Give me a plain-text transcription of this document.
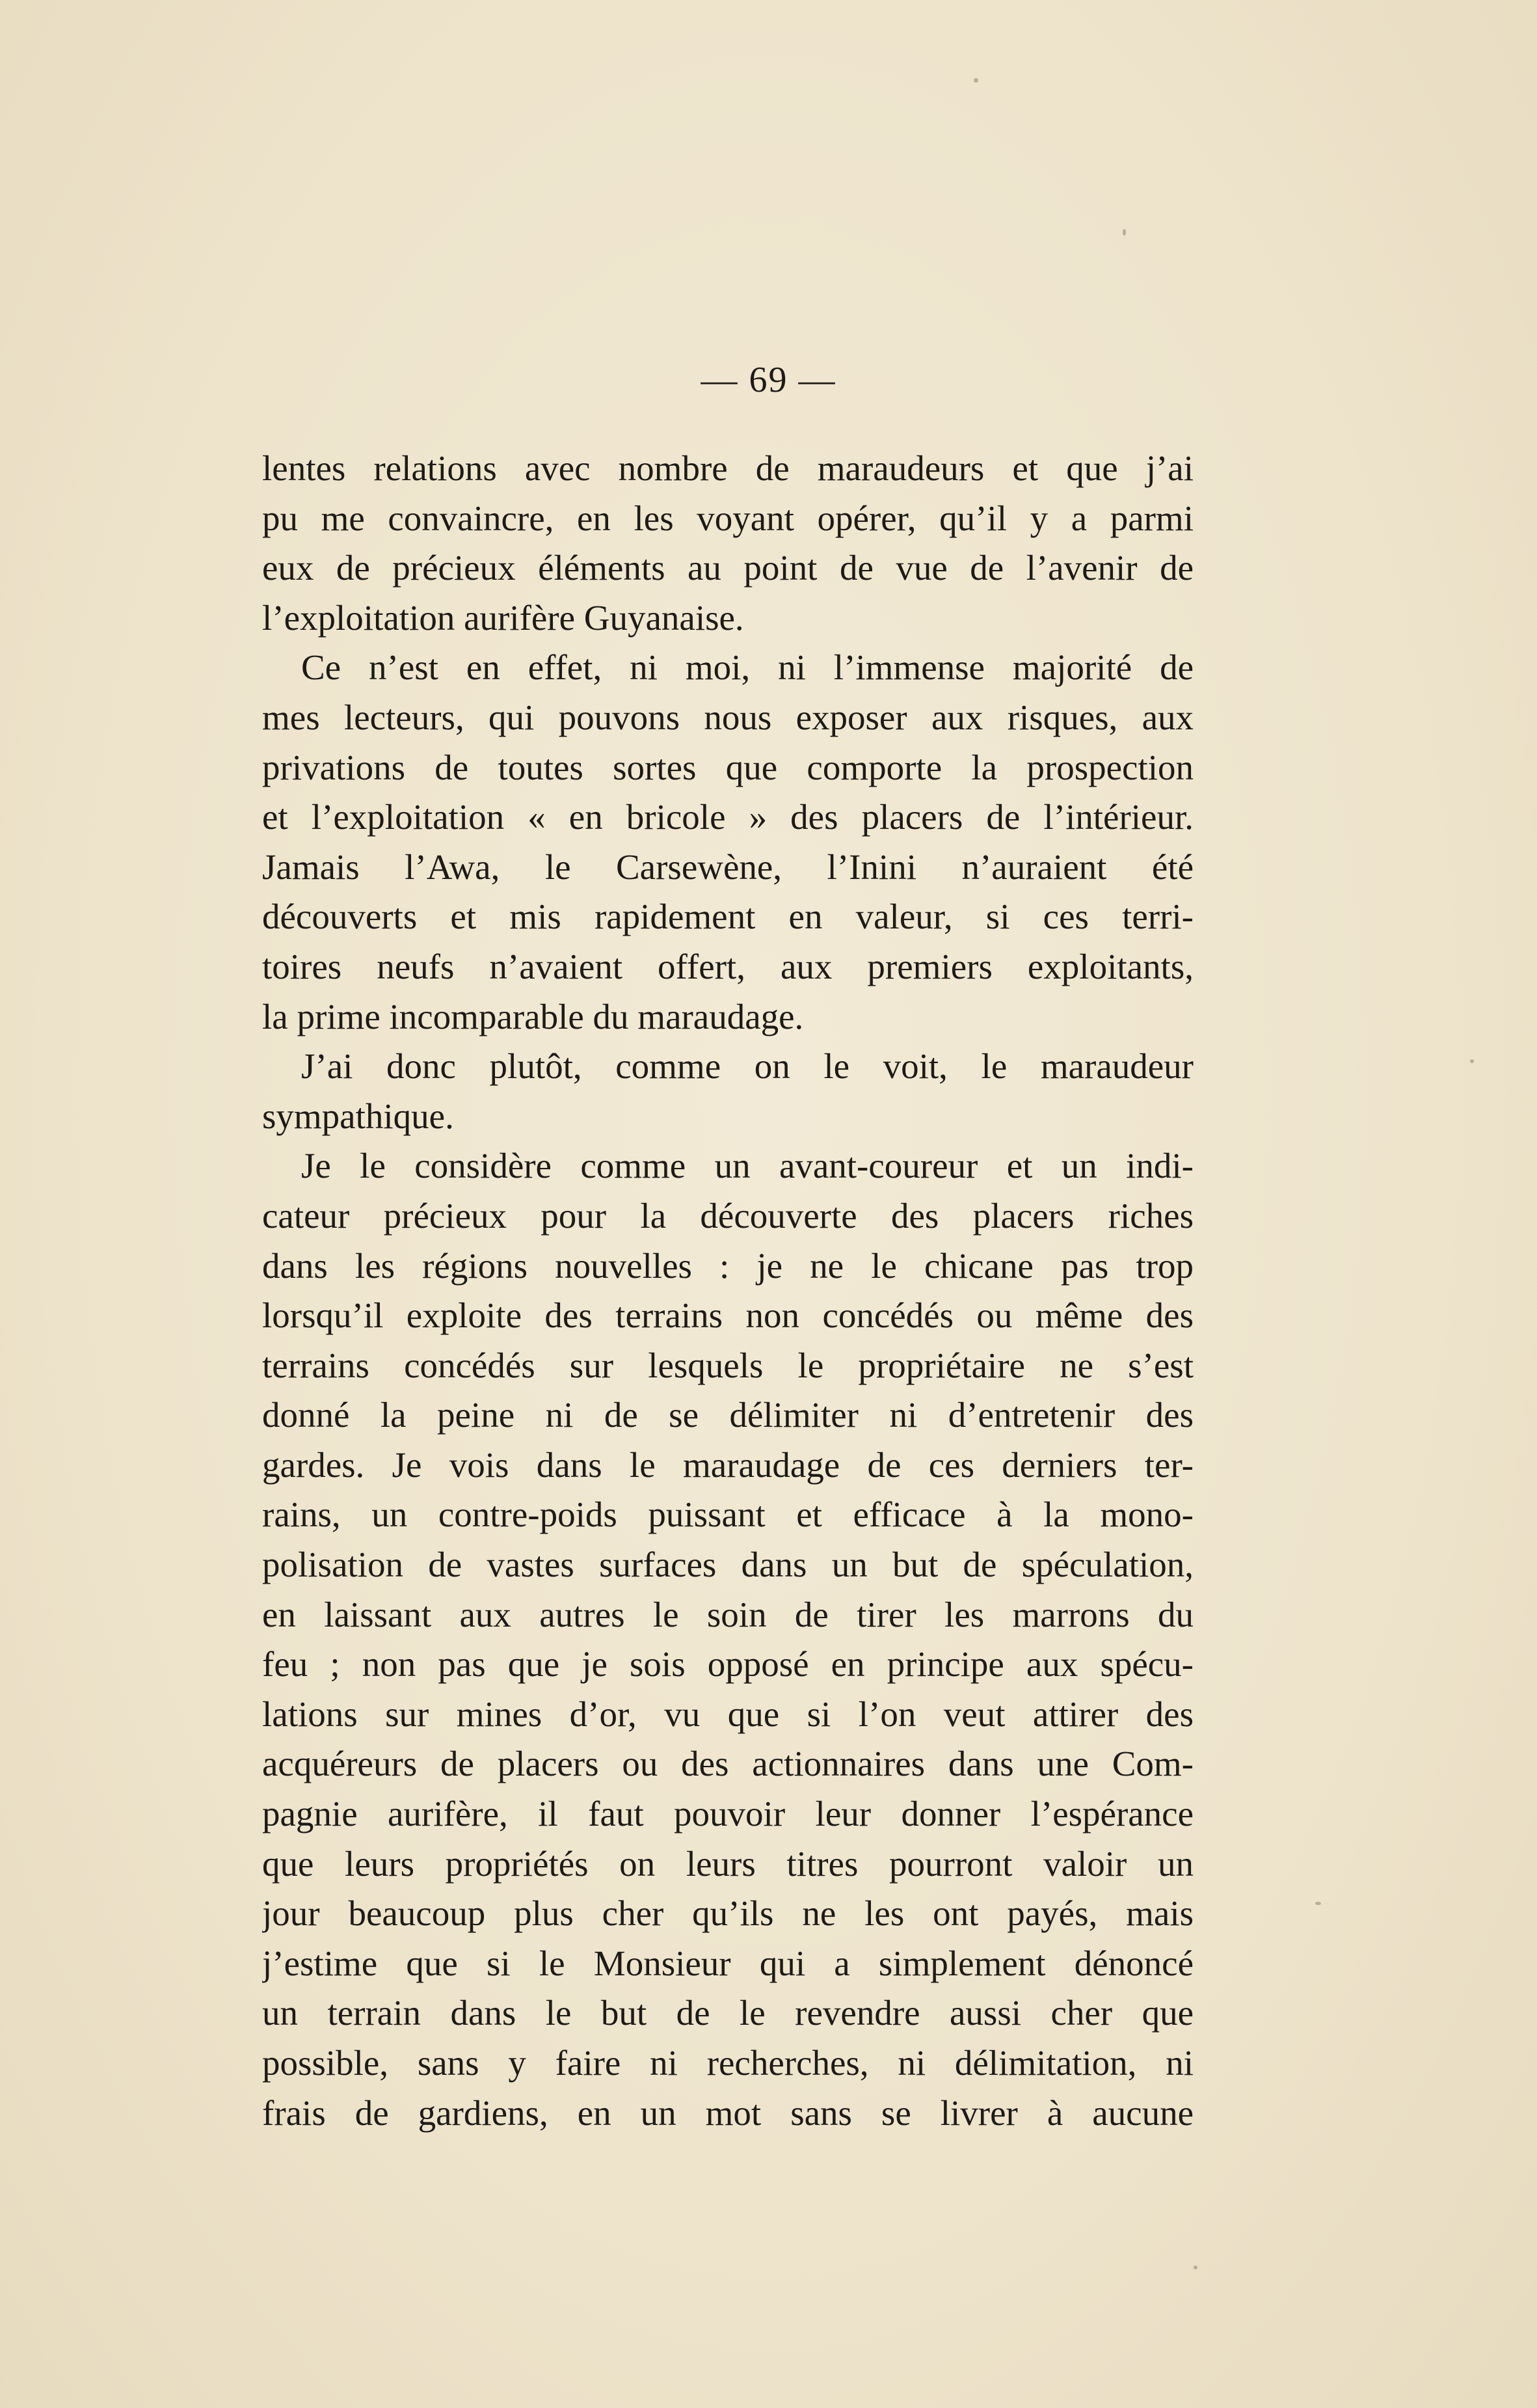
— 69 —
lentes relations avec nombre de maraudeurs et que j’ai
pu me convaincre, en les voyant opérer, qu’il y a parmi
eux de précieux éléments au point de vue de l’avenir de
l’exploitation aurifère Guyanaise.
Ce n’est en effet, ni moi, ni l’immense majorité de
mes lecteurs, qui pouvons nous exposer aux risques, aux
privations de toutes sortes que comporte la prospection
et l’exploitation « en bricole » des placers de l’intérieur.
Jamais l’Awa, le Carsewène, l’Inini n’auraient été
découverts et mis rapidement en valeur, si ces terri-
toires neufs n’avaient offert, aux premiers exploitants,
la prime incomparable du maraudage.
J’ai donc plutôt, comme on le voit, le maraudeur
sympathique.
Je le considère comme un avant-coureur et un indi-
cateur précieux pour la découverte des placers riches
dans les régions nouvelles : je ne le chicane pas trop
lorsqu’il exploite des terrains non concédés ou même des
terrains concédés sur lesquels le propriétaire ne s’est
donné la peine ni de se délimiter ni d’entretenir des
gardes. Je vois dans le maraudage de ces derniers ter-
rains, un contre-poids puissant et efficace à la mono-
polisation de vastes surfaces dans un but de spéculation,
en laissant aux autres le soin de tirer les marrons du
feu ; non pas que je sois opposé en principe aux spécu-
lations sur mines d’or, vu que si l’on veut attirer des
acquéreurs de placers ou des actionnaires dans une Com-
pagnie aurifère, il faut pouvoir leur donner l’espérance
que leurs propriétés on leurs titres pourront valoir un
jour beaucoup plus cher qu’ils ne les ont payés, mais
j’estime que si le Monsieur qui a simplement dénoncé
un terrain dans le but de le revendre aussi cher que
possible, sans y faire ni recherches, ni délimitation, ni
frais de gardiens, en un mot sans se livrer à aucune
